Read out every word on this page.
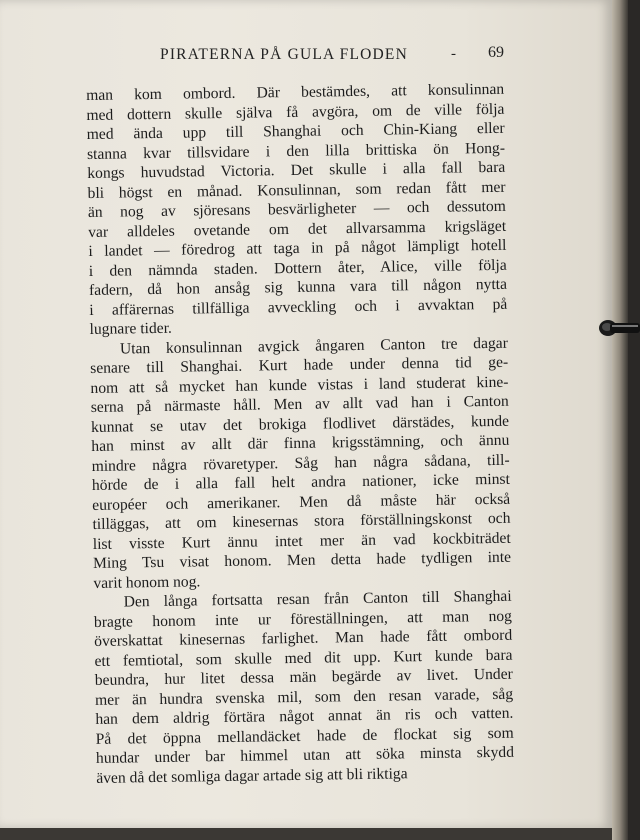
PIRATERNA PÅ GULA FLODEN	- 69
man kom ombord. Där bestämdes, att konsulinnan
med dottern skulle själva få avgöra, om de ville följa
med ända upp till Shanghai och Chin-Kiang eller
stanna kvar tillsvidare i den lilla brittiska ön Hong-
kongs huvudstad Victoria. Det skulle i alla fall bara
bli högst en månad. Konsulinnan, som redan fått mer
än nog av sjöresans besvärligheter — och dessutom
var alldeles ovetande om det allvarsamma krigsläget
i landet — föredrog att taga in på något lämpligt hotell
i den nämnda staden. Dottern åter, Alice, ville följa
fadern, då hon ansåg sig kunna vara till någon nytta
i affärernas tillfälliga avveckling och i avvaktan på
lugnare tider.
Utan konsulinnan avgick ångaren Canton tre dagar
senare till Shanghai. Kurt hade under denna tid ge-
nom att så mycket han kunde vistas i land studerat kine-
serna på närmaste håll. Men av allt vad han i Canton
kunnat se utav det brokiga flodlivet därstädes, kunde
han minst av allt där finna krigsstämning, och ännu
mindre några rövaretyper. Såg han några sådana, till-
hörde de i alla fall helt andra nationer, icke minst
européer och amerikaner. Men då måste här också
tilläggas, att om kinesernas stora förställningskonst och
list visste Kurt ännu intet mer än vad kockbiträdet
Ming Tsu visat honom. Men detta hade tydligen inte
varit honom nog.
Den långa fortsatta resan från Canton till Shanghai
bragte honom inte ur föreställningen, att man nog
överskattat kinesernas farlighet. Man hade fått ombord
ett femtiotal, som skulle med dit upp. Kurt kunde bara
beundra, hur litet dessa män begärde av livet. Under
mer än hundra svenska mil, som den resan varade, såg
han dem aldrig förtära något annat än ris och vatten.
På det öppna mellandäcket hade de flockat sig som
hundar under bar himmel utan att söka minsta skydd
även då det somliga dagar artade sig att bli riktiga
